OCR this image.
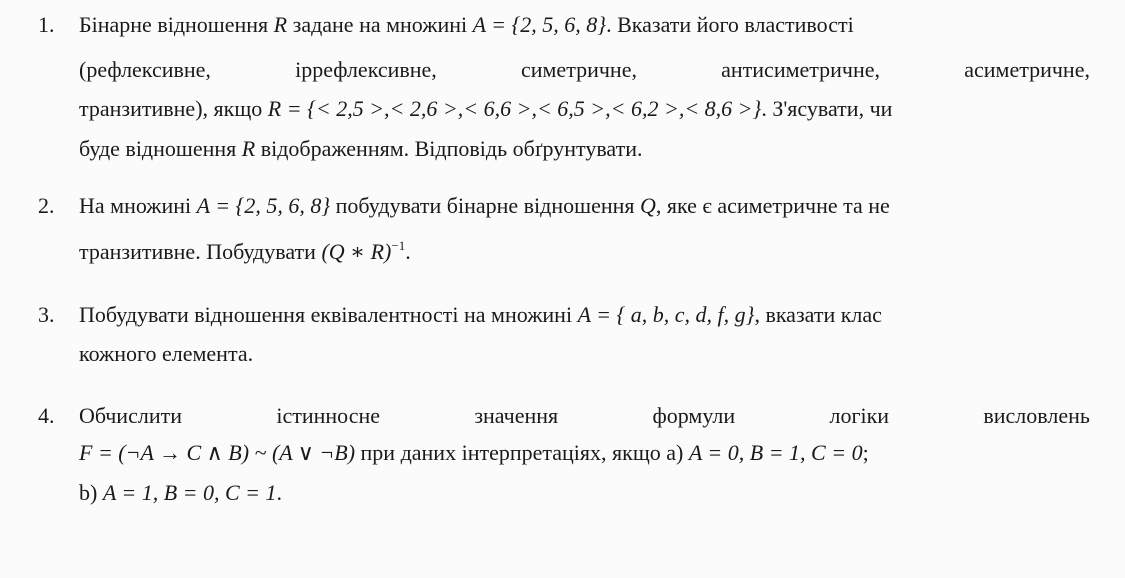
1. Бінарне відношення R задане на множині A = {2, 5, 6, 8}. Вказати його властивості
(рефлексивне,	іррефлексивне,	симетричне,	антисиметричне,	асиметричне,
транзитивне), якщо R = {< 2,5 >,< 2,6 >,< 6,6 >,< 6,5 >,< 6,2 >,< 8,6 >}. З'ясувати, чи
буде відношення R відображенням. Відповідь обґрунтувати.
2. На множині A = {2, 5, 6, 8} побудувати бінарне відношення Q, яке є асиметричне та не
транзитивне. Побудувати (Q ∗ R)$^{-1}$.
3. Побудувати відношення еквівалентності на множині A = { a, b, c, d, f, g}, вказати клас
кожного елемента.
4. Обчислити	істинносне	значення	формули	логіки	висловлень
F = (¬A → C ∧ B) ~ (A ∨ ¬B) при даних інтерпретаціях, якщо а) A = 0, B = 1, C = 0;
b) A = 1, B = 0, C = 1.
